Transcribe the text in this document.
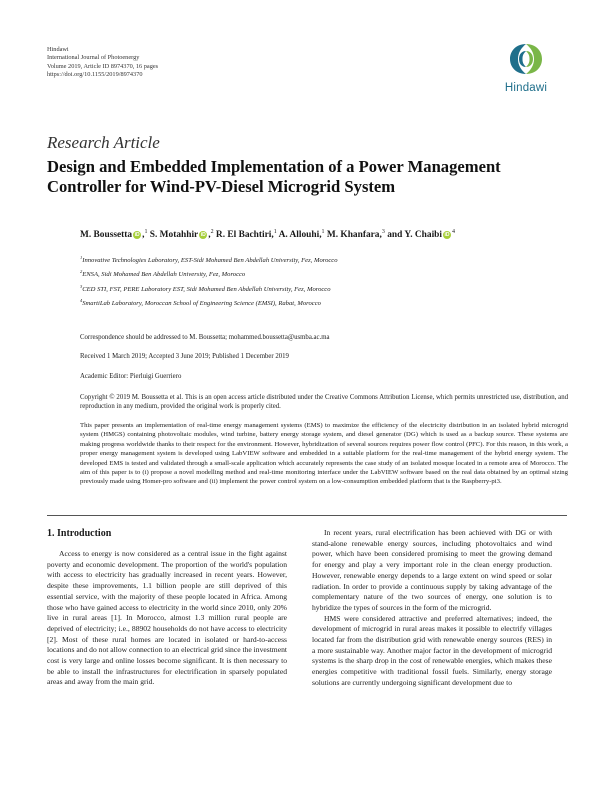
Hindawi
International Journal of Photoenergy
Volume 2019, Article ID 8974370, 16 pages
https://doi.org/10.1155/2019/8974370
Hindawi
Research Article
Design and Embedded Implementation of a Power Management Controller for Wind-PV-Diesel Microgrid System
M. Boussetta iD ,$^1$ S. Motahhir iD ,$^2$ R. El Bachtiri,$^1$ A. Allouhi,$^1$ M. Khanfara,$^3$ and Y. Chaibi iD $^4$
$^1$Innovative Technologies Laboratory, EST-Sidi Mohamed Ben Abdellah University, Fez, Morocco
$^2$ENSA, Sidi Mohamed Ben Abdellah University, Fez, Morocco
$^3$CED STI, FST, PERE Laboratory EST, Sidi Mohamed Ben Abdellah University, Fez, Morocco
$^4$SmartiLab Laboratory, Moroccan School of Engineering Science (EMSI), Rabat, Morocco
Correspondence should be addressed to M. Boussetta; mohammed.boussetta@usmba.ac.ma
Received 1 March 2019; Accepted 3 June 2019; Published 1 December 2019
Academic Editor: Pierluigi Guerriero
Copyright © 2019 M. Boussetta et al. This is an open access article distributed under the Creative Commons Attribution License, which permits unrestricted use, distribution, and reproduction in any medium, provided the original work is properly cited.
This paper presents an implementation of real-time energy management systems (EMS) to maximize the efficiency of the electricity distribution in an isolated hybrid microgrid system (HMGS) containing photovoltaic modules, wind turbine, battery energy storage system, and diesel generator (DG) which is used as a backup source. These systems are making progress worldwide thanks to their respect for the environment. However, hybridization of several sources requires power flow control (PFC). For this reason, in this work, a proper energy management system is developed using LabVIEW software and embedded in a suitable platform for the real-time management of the hybrid energy system. The developed EMS is tested and validated through a small-scale application which accurately represents the case study of an isolated mosque located in a remote area of Morocco. The aim of this paper is to (i) propose a novel modelling method and real-time monitoring interface under the LabVIEW software based on the real data obtained by an optimal sizing previously made using Homer-pro software and (ii) implement the power control system on a low-consumption embedded platform that is the Raspberry-pi3.
1. Introduction

Access to energy is now considered as a central issue in the fight against poverty and economic development. The proportion of the world's population with access to electricity has gradually increased in recent years. However, despite these improvements, 1.1 billion people are still deprived of this essential service, with the majority of these people located in Africa. Among those who have gained access to electricity in the world since 2010, only 20% live in rural areas [1]. In Morocco, almost 1.3 million rural people are deprived of electricity; i.e., 88902 households do not have access to electricity [2]. Most of these rural homes are located in isolated or hard-to-access locations and do not allow connection to an electrical grid since the investment cost is very large and online losses become significant. It is then necessary to be able to install the infrastructures for electrification in sparsely populated areas and away from the main grid.

In recent years, rural electrification has been achieved with DG or with stand-alone renewable energy sources, including photovoltaics and wind power, which have been considered promising to meet the growing demand for energy and play a very important role in the clean energy production. However, renewable energy depends to a large extent on wind speed or solar radiation. In order to provide a continuous supply by taking advantage of the complementary nature of the two sources of energy, one solution is to hybridize the types of sources in the form of the microgrid.

HMS were considered attractive and preferred alternatives; indeed, the development of microgrid in rural areas makes it possible to electrify villages located far from the distribution grid with renewable energy sources (RES) in a more sustainable way. Another major factor in the development of microgrid systems is the sharp drop in the cost of renewable energies, which makes these energies competitive with traditional fossil fuels. Similarly, energy storage solutions are currently undergoing significant development due to
